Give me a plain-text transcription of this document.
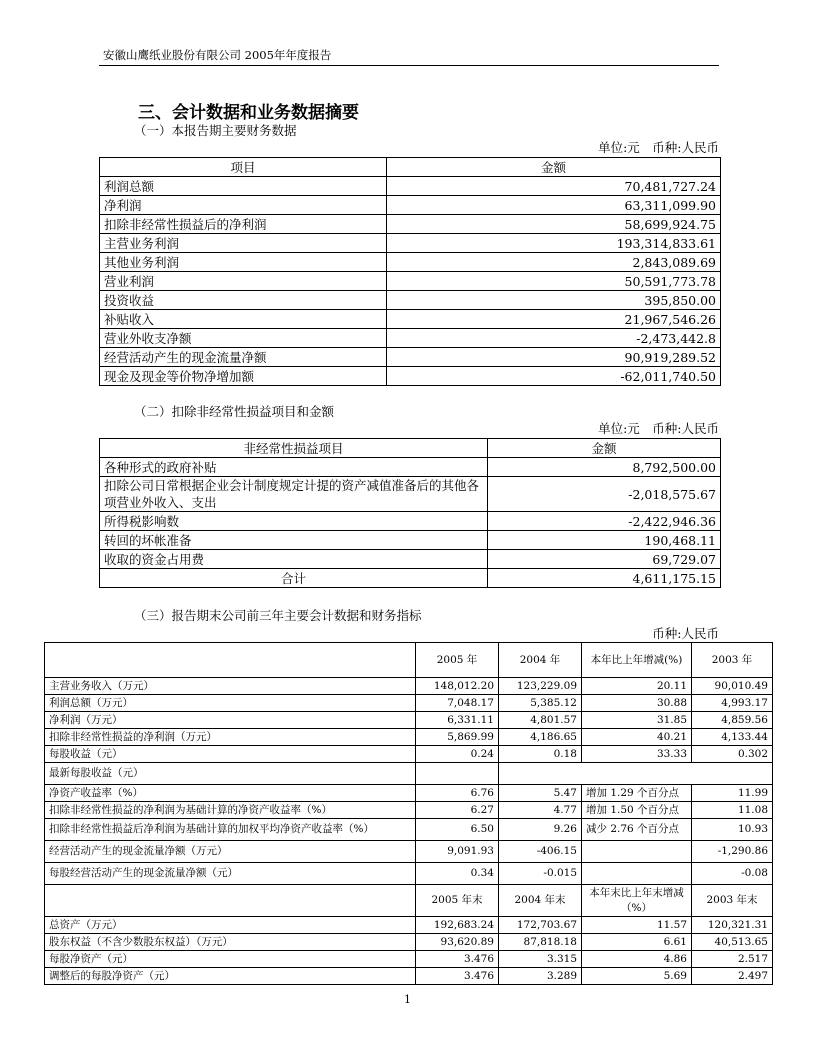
安徽山鹰纸业股份有限公司 2005年年度报告
三、会计数据和业务数据摘要
（一）本报告期主要财务数据
单位:元　币种:人民币
项目	金额
利润总额	70,481,727.24
净利润	63,311,099.90
扣除非经常性损益后的净利润	58,699,924.75
主营业务利润	193,314,833.61
其他业务利润	2,843,089.69
营业利润	50,591,773.78
投资收益	395,850.00
补贴收入	21,967,546.26
营业外收支净额	-2,473,442.8
经营活动产生的现金流量净额	90,919,289.52
现金及现金等价物净增加额	-62,011,740.50
（二）扣除非经常性损益项目和金额
单位:元　币种:人民币
非经常性损益项目	金额
各种形式的政府补贴	8,792,500.00
扣除公司日常根据企业会计制度规定计提的资产减值准备后的其他各项营业外收入、支出	-2,018,575.67
所得税影响数	-2,422,946.36
转回的坏帐准备	190,468.11
收取的资金占用费	69,729.07
合计	4,611,175.15
（三）报告期末公司前三年主要会计数据和财务指标
币种:人民币
	2005 年	2004 年	本年比上年增减(%)	2003 年
主营业务收入（万元）	148,012.20	123,229.09	20.11	90,010.49
利润总额（万元）	7,048.17	5,385.12	30.88	4,993.17
净利润（万元）	6,331.11	4,801.57	31.85	4,859.56
扣除非经常性损益的净利润（万元）	5,869.99	4,186.65	40.21	4,133.44
每股收益（元）	0.24	0.18	33.33	0.302
最新每股收益（元）				
净资产收益率（%）	6.76	5.47	增加 1.29 个百分点	11.99
扣除非经常性损益的净利润为基础计算的净资产收益率（%）	6.27	4.77	增加 1.50 个百分点	11.08
扣除非经常性损益后净利润为基础计算的加权平均净资产收益率（%）	6.50	9.26	减少 2.76 个百分点	10.93
经营活动产生的现金流量净额（万元）	9,091.93	-406.15		-1,290.86
每股经营活动产生的现金流量净额（元）	0.34	-0.015		-0.08
	2005 年末	2004 年末	本年末比上年末增减（%）	2003 年末
总资产（万元）	192,683.24	172,703.67	11.57	120,321.31
股东权益（不含少数股东权益）（万元）	93,620.89	87,818.18	6.61	40,513.65
每股净资产（元）	3.476	3.315	4.86	2.517
调整后的每股净资产（元）	3.476	3.289	5.69	2.497
1
